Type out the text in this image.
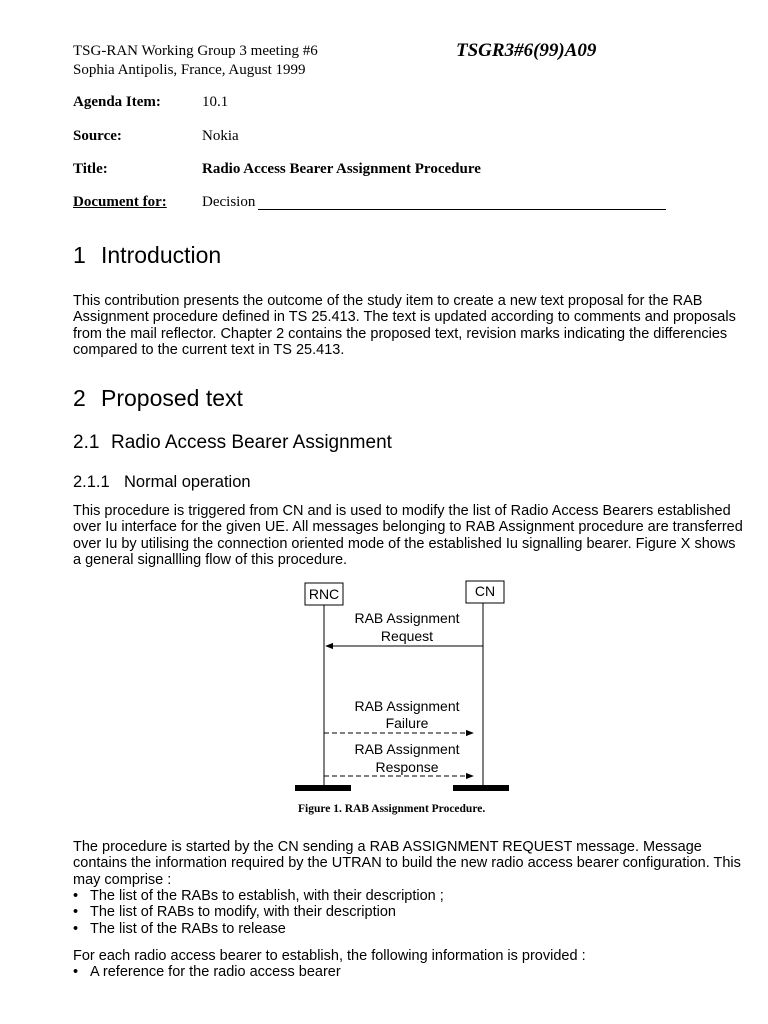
TSG-RAN Working Group 3 meeting #6	TSGR3#6(99)A09
Sophia Antipolis, France, August 1999
Agenda Item:	10.1
Source:	Nokia
Title:	Radio Access Bearer Assignment Procedure
Document for: Decision
1 Introduction
This contribution presents the outcome of the study item to create a new text proposal for the RAB
Assignment procedure defined in TS 25.413. The text is updated according to comments and proposals
from the mail reflector. Chapter 2 contains the proposed text, revision marks indicating the differencies
compared to the current text in TS 25.413.
2 Proposed text
2.1 Radio Access Bearer Assignment
2.1.1 Normal operation
This procedure is triggered from CN and is used to modify the list of Radio Access Bearers established
over Iu interface for the given UE. All messages belonging to RAB Assignment procedure are transferred
over Iu by utilising the connection oriented mode of the established Iu signalling bearer. Figure X shows
a general signallling flow of this procedure.
RNC	CN
RAB Assignment
Request
RAB Assignment
Failure
RAB Assignment
Response
Figure 1. RAB Assignment Procedure.
The procedure is started by the CN sending a RAB ASSIGNMENT REQUEST message. Message
contains the information required by the UTRAN to build the new radio access bearer configuration. This
may comprise :
• The list of the RABs to establish, with their description ;
• The list of RABs to modify, with their description
• The list of the RABs to release
For each radio access bearer to establish, the following information is provided :
• A reference for the radio access bearer
